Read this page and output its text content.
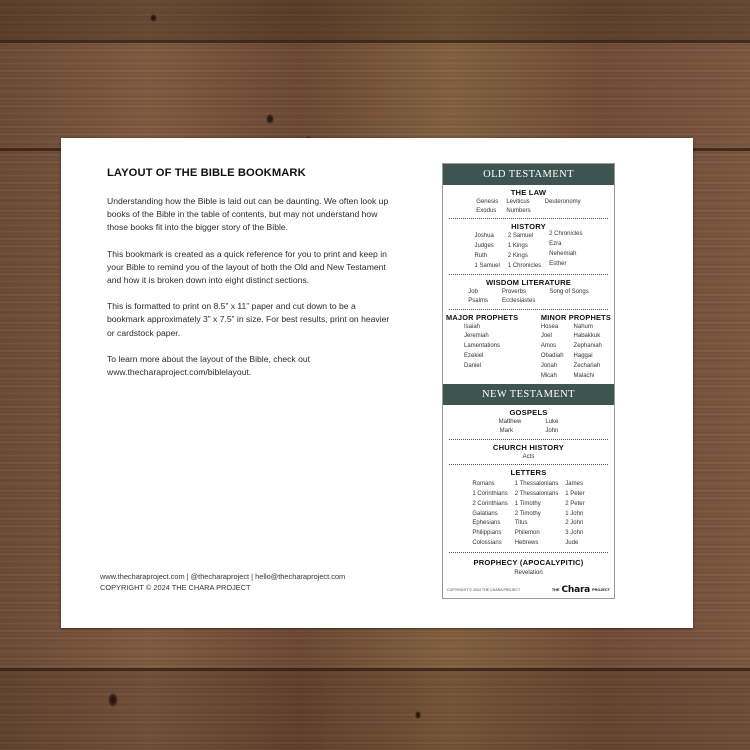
LAYOUT OF THE BIBLE BOOKMARK

Understanding how the Bible is laid out can be daunting. We often look up books of the Bible in the table of contents, but may not understand how those books fit into the bigger story of the Bible.

This bookmark is created as a quick reference for you to print and keep in your Bible to remind you of the layout of both the Old and New Testament and how it is broken down into eight distinct sections.

This is formatted to print on 8.5” x 11” paper and cut down to be a bookmark approximately 3” x 7.5” in size. For best results, print on heavier or cardstock paper.

To learn more about the layout of the Bible, check out www.thecharaproject.com/biblelayout.

www.thecharaproject.com | @thecharaproject | hello@thecharaproject.com
COPYRIGHT © 2024 THE CHARA PROJECT
OLD TESTAMENT
THE LAW
Genesis
Exodus
Leviticus
Numbers
Deuteronomy
HISTORY
Joshua
Judges
Ruth
1 Samuel
2 Samuel
1 Kings
2 Kings
1 Chronicles
2 Chronicles
Ezra
Nehemiah
Esther
WISDOM LITERATURE
Job
Psalms
Proverbs
Ecclesiastes
Song of Songs
MAJOR PROPHETS
Isaiah
Jeremiah
Lamentations
Ezekiel
Daniel
MINOR PROPHETS
Hosea
Joel
Amos
Obadiah
Jonah
Micah
Nahum
Habakkuk
Zephaniah
Haggai
Zechariah
Malachi
NEW TESTAMENT
GOSPELS
Matthew
Mark
Luke
John
CHURCH HISTORY
Acts
LETTERS
Romans
1 Corinthians
2 Corinthians
Galatians
Ephesians
Philippians
Colossians
1 Thessalonians
2 Thessalonians
1 Timothy
2 Timothy
Titus
Philemon
Hebrews
James
1 Peter
2 Peter
1 John
2 John
3 John
Jude
PROPHECY (APOCALYPITIC)
Revelation
COPYRIGHT © 2024 THE CHARA PROJECT	THE Chara PROJECT
